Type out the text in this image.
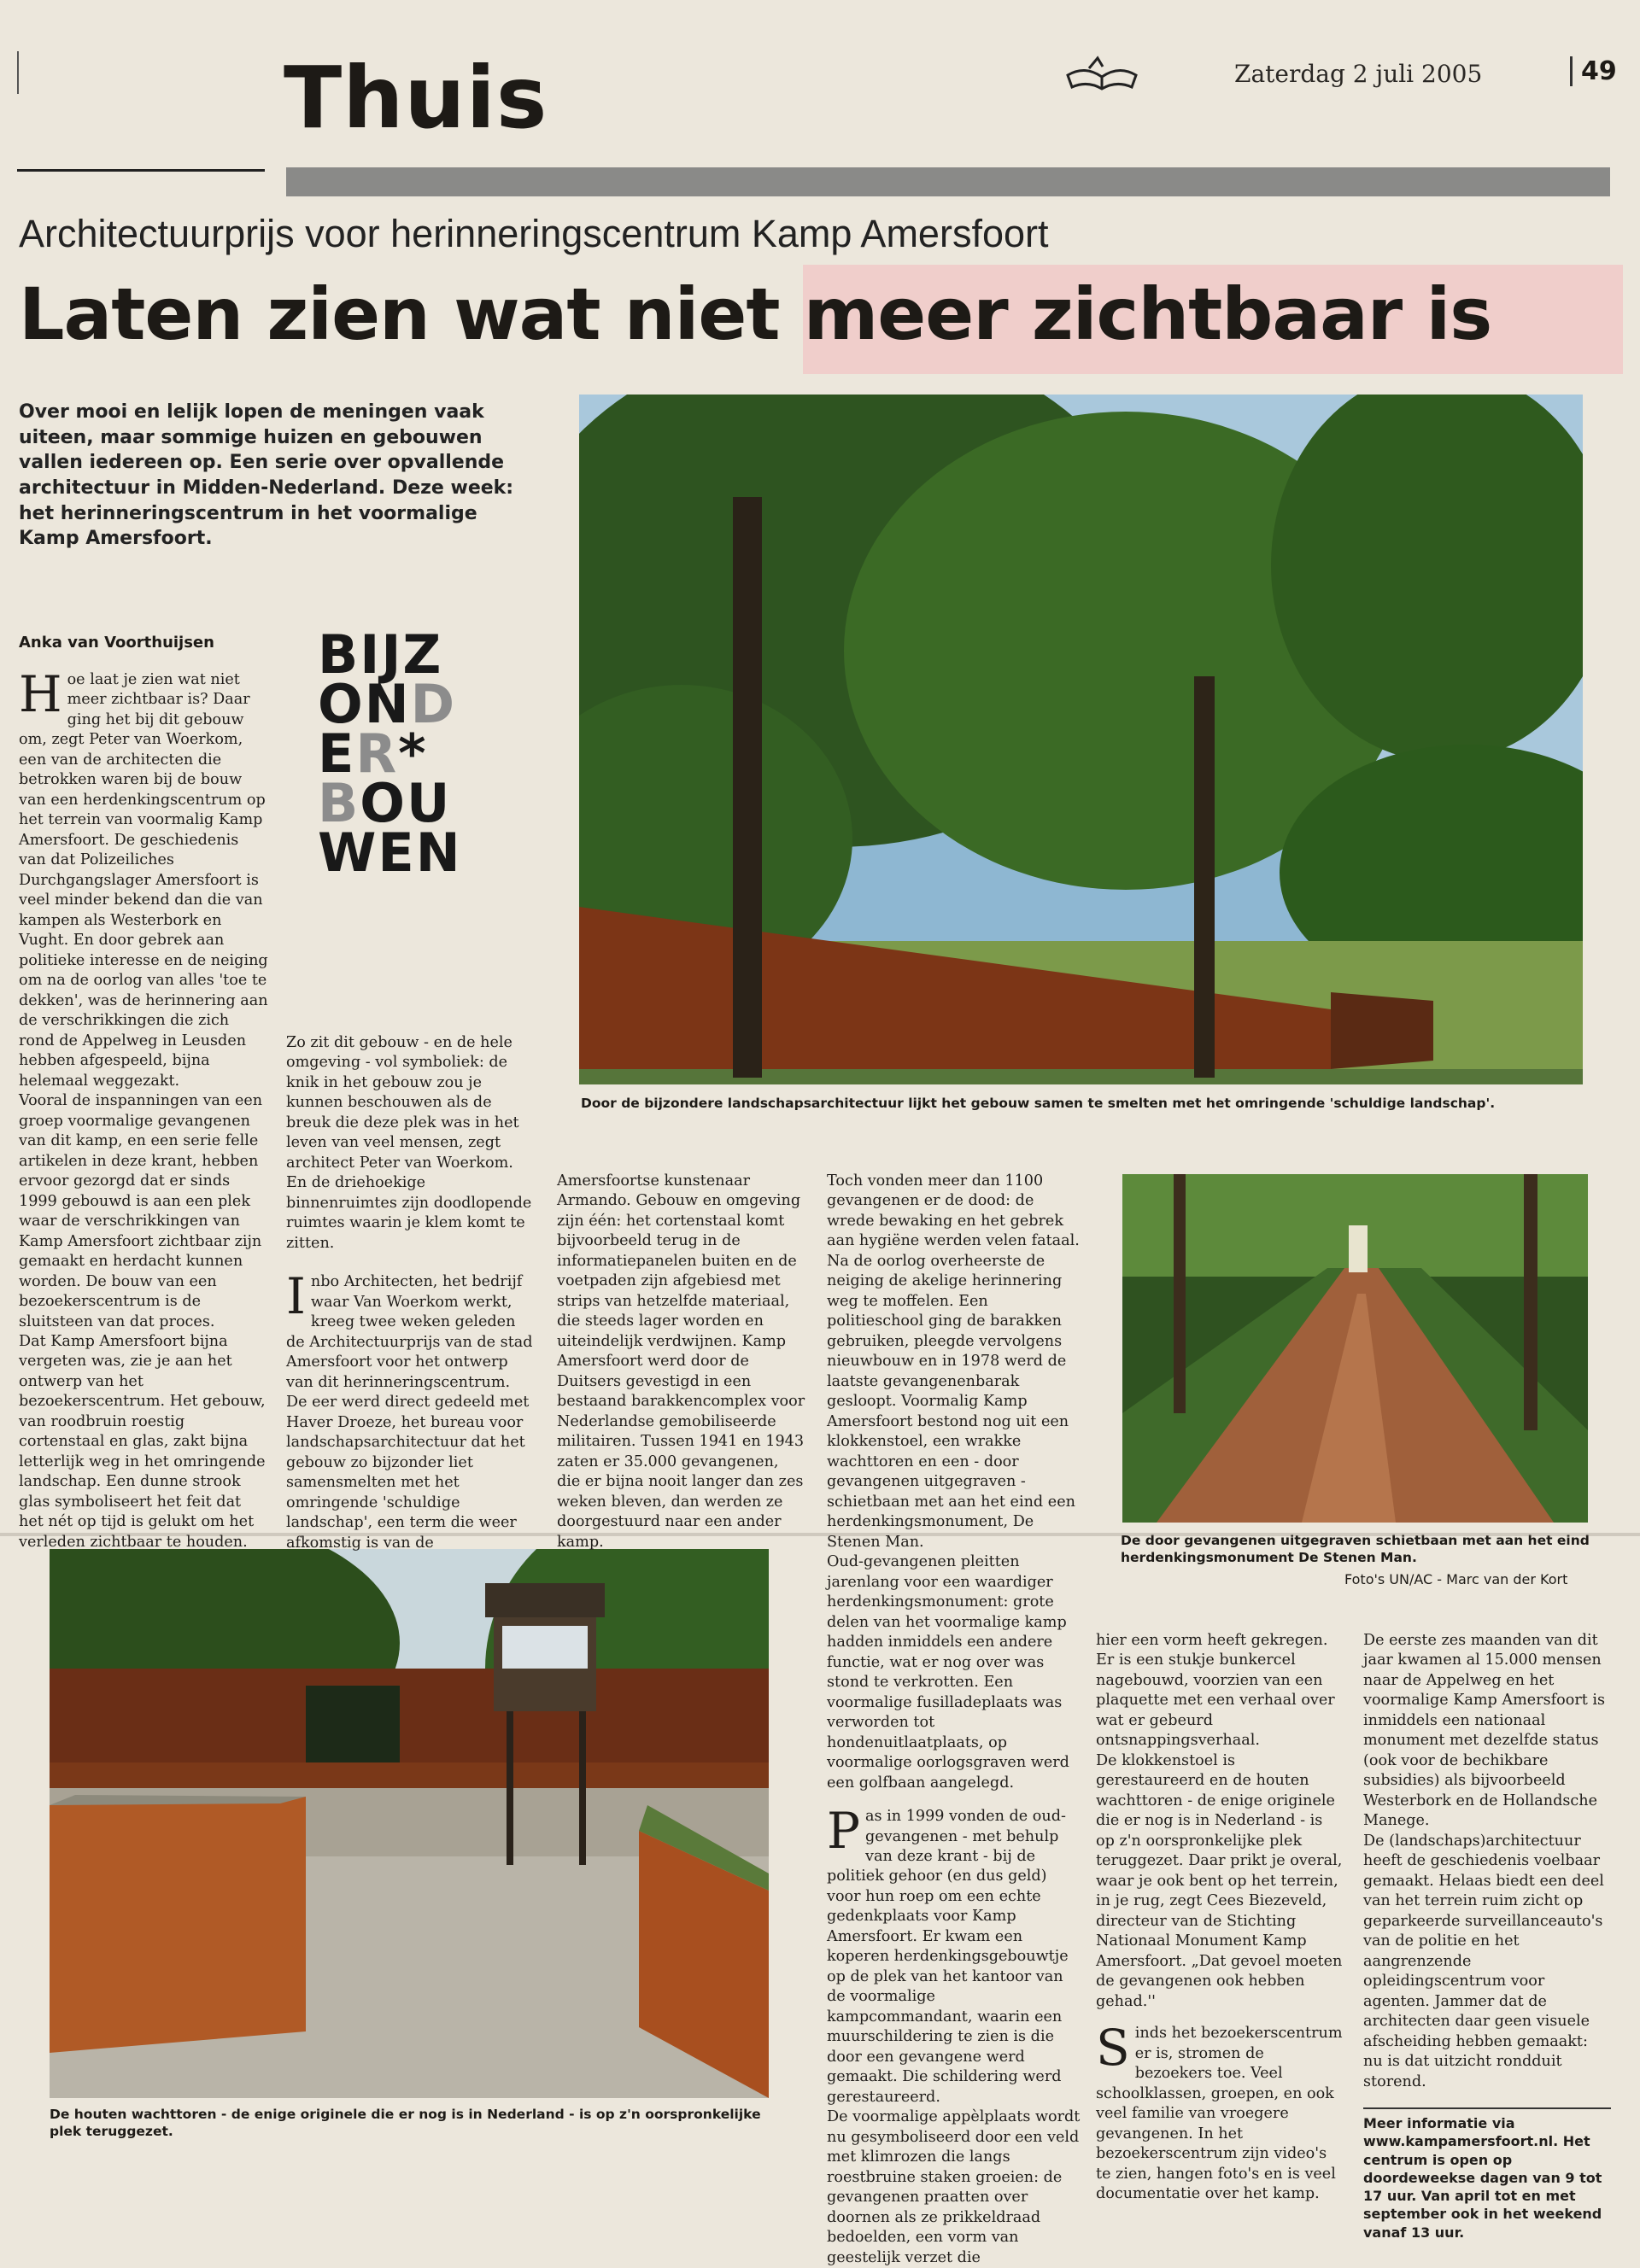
Thuis	Zaterdag 2 juli 2005	49
Architectuurprijs voor herinneringscentrum Kamp Amersfoort
Laten zien wat niet meer zichtbaar is
Over mooi en lelijk lopen de meningen vaak uiteen, maar sommige huizen en gebouwen vallen iedereen op. Een serie over opvallende architectuur in Midden-Nederland. Deze week: het herinneringscentrum in het voormalige Kamp Amersfoort.
Anka van Voorthuijsen BIJZ
OND
ER*
BOU
WEN
Door de bijzondere landschapsarchitectuur lijkt het gebouw samen te smelten met het omringende 'schuldige landschap'.
De door gevangenen uitgegraven schietbaan met aan het eind herdenkingsmonument De Stenen Man.
Foto's UN/AC - Marc van der Kort
De houten wachttoren - de enige originele die er nog is in Nederland - is op z'n oorspronkelijke plek teruggezet.

Hoe laat je zien wat niet meer zichtbaar is? Daar ging het bij dit gebouw om, zegt Peter van Woerkom, een van de architecten die betrokken waren bij de bouw van een herdenkingscentrum op het terrein van voormalig Kamp Amersfoort. De geschiedenis van dat Polizeiliches Durchgangslager Amersfoort is veel minder bekend dan die van kampen als Westerbork en Vught. En door gebrek aan politieke interesse en de neiging om na de oorlog van alles 'toe te dekken', was de herinnering aan de verschrikkingen die zich rond de Appelweg in Leusden hebben afgespeeld, bijna helemaal weggezakt.

Vooral de inspanningen van een groep voormalige gevangenen van dit kamp, en een serie felle artikelen in deze krant, hebben ervoor gezorgd dat er sinds 1999 gebouwd is aan een plek waar de verschrikkingen van Kamp Amersfoort zichtbaar zijn gemaakt en herdacht kunnen worden. De bouw van een bezoekerscentrum is de sluitsteen van dat proces.

Dat Kamp Amersfoort bijna vergeten was, zie je aan het ontwerp van het bezoekerscentrum. Het gebouw, van roodbruin roestig cortenstaal en glas, zakt bijna letterlijk weg in het omringende landschap. Een dunne strook glas symboliseert het feit dat het nét op tijd is gelukt om het verleden zichtbaar te houden.

Zo zit dit gebouw - en de hele omgeving - vol symboliek: de knik in het gebouw zou je kunnen beschouwen als de breuk die deze plek was in het leven van veel mensen, zegt architect Peter van Woerkom. En de driehoekige binnenruimtes zijn doodlopende ruimtes waarin je klem komt te zitten.

Inbo Architecten, het bedrijf waar Van Woerkom werkt, kreeg twee weken geleden de Architectuurprijs van de stad Amersfoort voor het ontwerp van dit herinneringscentrum. De eer werd direct gedeeld met Haver Droeze, het bureau voor landschapsarchitectuur dat het gebouw zo bijzonder liet samensmelten met het omringende 'schuldige landschap', een term die weer afkomstig is van de

Amersfoortse kunstenaar Armando. Gebouw en omgeving zijn één: het cortenstaal komt bijvoorbeeld terug in de informatiepanelen buiten en de voetpaden zijn afgebiesd met strips van hetzelfde materiaal, die steeds lager worden en uiteindelijk verdwijnen. Kamp Amersfoort werd door de Duitsers gevestigd in een bestaand barakkencomplex voor Nederlandse gemobiliseerde militairen. Tussen 1941 en 1943 zaten er 35.000 gevangenen, die er bijna nooit langer dan zes weken bleven, dan werden ze doorgestuurd naar een ander kamp.

Toch vonden meer dan 1100 gevangenen er de dood: de wrede bewaking en het gebrek aan hygiëne werden velen fataal. Na de oorlog overheerste de neiging de akelige herinnering weg te moffelen. Een politieschool ging de barakken gebruiken, pleegde vervolgens nieuwbouw en in 1978 werd de laatste gevangenenbarak gesloopt. Voormalig Kamp Amersfoort bestond nog uit een klokkenstoel, een wrakke wachttoren en een - door gevangenen uitgegraven - schietbaan met aan het eind een herdenkingsmonument, De Stenen Man.

Oud-gevangenen pleitten jarenlang voor een waardiger herdenkingsmonument: grote delen van het voormalige kamp hadden inmiddels een andere functie, wat er nog over was stond te verkrotten. Een voormalige fusilladeplaats was verworden tot hondenuitlaatplaats, op voormalige oorlogsgraven werd een golfbaan aangelegd.

Pas in 1999 vonden de oud-gevangenen - met behulp van deze krant - bij de politiek gehoor (en dus geld) voor hun roep om een echte gedenkplaats voor Kamp Amersfoort. Er kwam een koperen herdenkingsgebouwtje op de plek van het kantoor van de voormalige kampcommandant, waarin een muurschildering te zien is die door een gevangene werd gemaakt. Die schildering werd gerestaureerd.

De voormalige appèlplaats wordt nu gesymboliseerd door een veld met klimrozen die langs roestbruine staken groeien: de gevangenen praatten over doornen als ze prikkeldraad bedoelden, een vorm van geestelijk verzet die

hier een vorm heeft gekregen. Er is een stukje bunkercel nagebouwd, voorzien van een plaquette met een verhaal over wat er gebeurd ontsnappingsverhaal.

De klokkenstoel is gerestaureerd en de houten wachttoren - de enige originele die er nog is in Nederland - is op z'n oorspronkelijke plek teruggezet. Daar prikt je overal, waar je ook bent op het terrein, in je rug, zegt Cees Biezeveld, directeur van de Stichting Nationaal Monument Kamp Amersfoort. „Dat gevoel moeten de gevangenen ook hebben gehad.''

Sinds het bezoekerscentrum er is, stromen de bezoekers toe. Veel schoolklassen, groepen, en ook veel familie van vroegere gevangenen. In het bezoekerscentrum zijn video's te zien, hangen foto's en is veel documentatie over het kamp.

De eerste zes maanden van dit jaar kwamen al 15.000 mensen naar de Appelweg en het voormalige Kamp Amersfoort is inmiddels een nationaal monument met dezelfde status (ook voor de bechikbare subsidies) als bijvoorbeeld Westerbork en de Hollandsche Manege.

De (landschaps)architectuur heeft de geschiedenis voelbaar gemaakt. Helaas biedt een deel van het terrein ruim zicht op geparkeerde surveillanceauto's van de politie en het aangrenzende opleidingscentrum voor agenten. Jammer dat de architecten daar geen visuele afscheiding hebben gemaakt: nu is dat uitzicht rondduit storend.

Meer informatie via www.kampamersfoort.nl. Het centrum is open op doordeweekse dagen van 9 tot 17 uur. Van april tot en met september ook in het weekend vanaf 13 uur.
